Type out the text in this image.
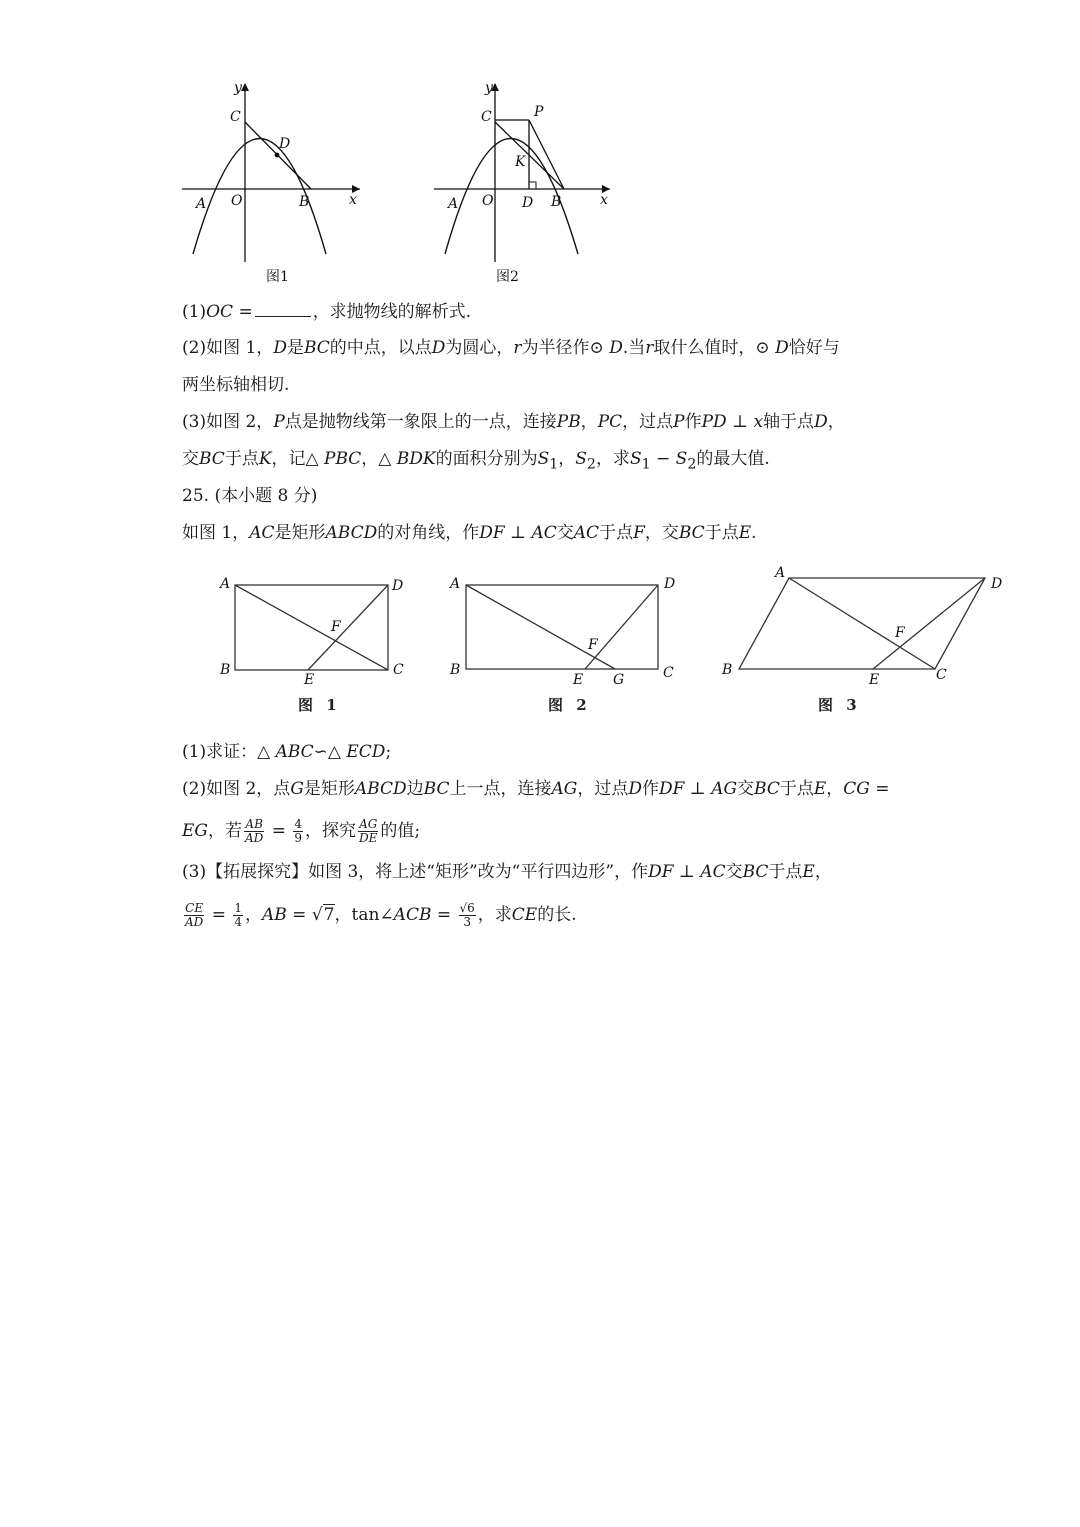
y
x
C
D
A O	B
图1
y
x
C	P
K
A O D B
图2
(1)OC =	，求抛物线的解析式.
(2)如图 1，D是BC的中点，以点D为圆心，r为半径作⊙ D.当r取什么值时，⊙ D恰好与
两坐标轴相切.
(3)如图 2，P点是抛物线第一象限上的一点，连接PB，PC，过点P作PD ⊥ x轴于点D，
交BC于点K，记△ PBC，△ BDK的面积分别为$S_1$，$S_2$，求$S_1 - S_2$的最大值.
25. (本小题 8 分)
如图 1，AC是矩形ABCD的对角线，作DF ⊥ AC交AC于点F，交BC于点E.
A	D
F
B
E
C
图 1
A	D
F
B
E G	C
图 2
A
D
F
B
E	C
图 3
(1)求证：△ ABC∽△ ECD;
(2)如图 2，点G是矩形ABCD边BC上一点，连接AG，过点D作DF ⊥ AG交BC于点E，CG =
EG，若 $\frac{AB}{AD} = \frac{4}{9}$ ，探究 $\frac{AG}{DE}$ 的值;
(3)【拓展探究】如图 3，将上述“矩形”改为“平行四边形”，作DF ⊥ AC交BC于点E，
$\frac{CE}{AD} = \frac{1}{4}$ ，AB = √7，tan∠ACB = $\frac{√6}{3}$ ，求CE的长.
